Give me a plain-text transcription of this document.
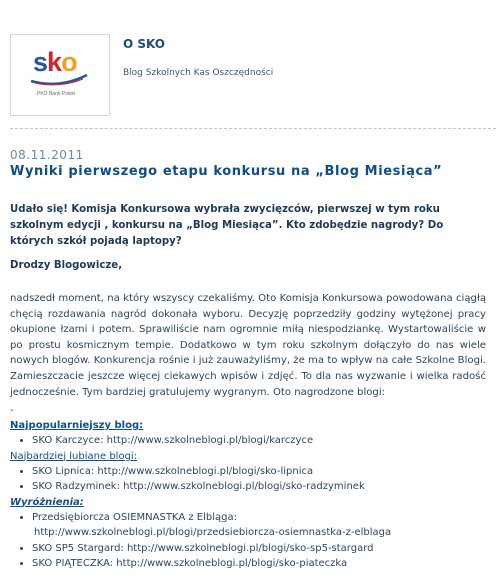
sko
PKO Bank Polski
O SKO

Blog Szkolnych Kas Oszczędności

08.11.2011

Wyniki pierwszego etapu konkursu na „Blog Miesiąca”
Udało się! Komisja Konkursowa wybrała zwycięzców, pierwszej w tym roku szkolnym edycji , konkursu na „Blog Miesiąca”. Kto zdobędzie nagrody? Do których szkół pojadą laptopy?
Drodzy Blogowicze,
nadszedł moment, na który wszyscy czekaliśmy. Oto Komisja Konkursowa powodowana ciągłą chęcią rozdawania nagród dokonała wyboru. Decyzję poprzedziły godziny wytężonej pracy okupione łzami i potem. Sprawiliście nam ogromnie miłą niespodziankę. Wystartowaliście w po prostu kosmicznym tempie. Dodatkowo w tym roku szkolnym dołączyło do nas wiele nowych blogów. Konkurencja rośnie i już zauważyliśmy, że ma to wpływ na całe Szkolne Blogi. Zamieszczacie jeszcze więcej ciekawych wpisów i zdjęć. To dla nas wyzwanie i wielka radość jednocześnie. Tym bardziej gratulujemy wygranym. Oto nagrodzone blogi:
-

Najpopularniejszy blog:

• SKO Karczyce: http://www.szkolneblogi.pl/blogi/karczyce

Najbardziej lubiane blogi:

• SKO Lipnica: http://www.szkolneblogi.pl/blogi/sko-lipnica
• SKO Radzyminek: http://www.szkolneblogi.pl/blogi/sko-radzyminek

Wyróżnienia:

• Przedsiębiorcza OSIEMNASTKA z Elbląga:
http://www.szkolneblogi.pl/blogi/przedsiebiorcza-osiemnastka-z-elblaga
• SKO SP5 Stargard: http://www.szkolneblogi.pl/blogi/sko-sp5-stargard
• SKO PIĄTECZKA: http://www.szkolneblogi.pl/blogi/sko-piateczka
